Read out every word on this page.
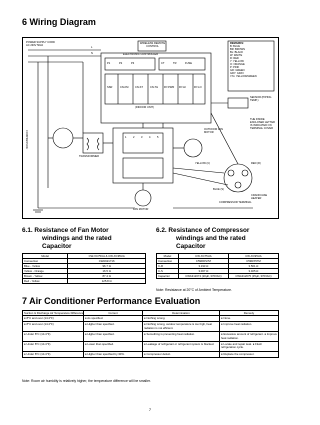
6 Wiring Diagram
POWER SUPPLY CORD
AC 230V 50Hz
WIRELESS REMOTE CONTROL
ELECTRONIC CONTROLLER
(INDOOR UNIT)
REMARKS:
B: BLUE
BR: BROWN
BL: BLACK
W: WHITE
R: RED
Y: YELLOW
O: ORANGE
P: PINK
GR: GREEN
GRY: GRAY
Y/G: YELLOW/GREEN
COMPRESSOR
TRANSFORMER
FAN MOTOR
OUTDOOR FAN MOTOR
SENSOR (PIPING TEMP.)
THE INSIDE ENCLOSED LETTER IS INDICATED ON TERMINAL COVER
YELLOW (C)	RED (R)
BLUE (S)
CRANKCASE HEATER
COMPRESSOR TERMINAL
P1	P2	P3	CT	TR	FUSE
SSR	CN-FM	CN-ST	CN-TH RY-PWR RY-HI	RY-LO
L
N
1	2	3	4	5
6.1. Resistance of Fan Motor
windings and the rated
Capacitor
Model	CW-XC75UA & CW-XC95UA
Connection	CWA921716
Blue - Yellow	96.7 Ω
Yellow - Orange	16.5 Ω
Brown - Yellow	87.4 Ω
Red - Yellow	125.8 Ω
6.2. Resistance of Compressor
windings and the rated
Capacitor
Model	CW-XC75UA	CW-XC95UA
Connection	C59RDS7M	C59RX57M
C-R	3.193 Ω	3.501 Ω
C-S	3.007 Ω	3.405 Ω
Capacitor	CWA312074 (20μF, 370VAC)	CWA312075 (35μF, 370VAC)
Note: Resistance at 20°C of Ambient Temperature.
7 Air Conditioner Performance Evaluation
Suction & Discharge Air Temperature Difference	Current	Determination	Remedy
● 8°C and over (14.4°F)	● As specified.	● Nothing wrong.	● None.
● 8°C and over (14.4°F)	● Higher than specified.	● Nothing wrong, outdoor temperature is too high, heat radiation is not efficient.	● Improve heat radiation.
● Under 8°C (14.4°F)	● Higher than specified.	● Something is preventing heat radiation.	● Excessive amount of refrigerant. ● Improve heat radiation.
● Under 8°C (14.4°F)	● Lower than specified.	● Leakage of refrigerant or refrigerant system is blocked.	● Locate and repair leak. ● Flush refrigeration cycle.
● Under 8°C (14.4°F)	● Higher than specified by 30%.	● Compressor defect.	● Replace the compressor.
Note: Room air humidity is relatively higher, the temperature difference will be smaller.
7
